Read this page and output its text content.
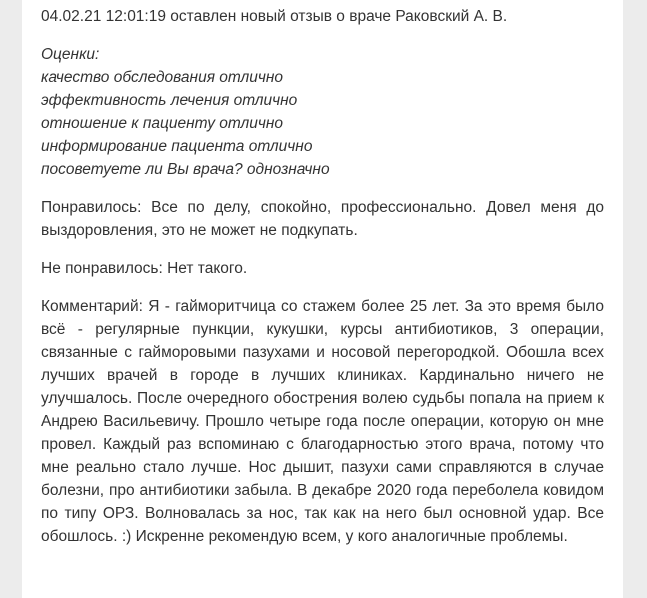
04.02.21 12:01:19 оставлен новый отзыв о враче Раковский А. В.
Оценки:
качество обследования отлично
эффективность лечения отлично
отношение к пациенту отлично
информирование пациента отлично
посоветуете ли Вы врача? однозначно

Понравилось: Все по делу, спокойно, профессионально. Довел меня до выздоровления, это не может не подкупать.

Не понравилось: Нет такого.

Комментарий: Я - гайморитчица со стажем более 25 лет. За это время было всё - регулярные пункции, кукушки, курсы антибиотиков, 3 операции, связанные с гайморовыми пазухами и носовой перегородкой. Обошла всех лучших врачей в городе в лучших клиниках. Кардинально ничего не улучшалось. После очередного обострения волею судьбы попала на прием к Андрею Васильевичу. Прошло четыре года после операции, которую он мне провел. Каждый раз вспоминаю с благодарностью этого врача, потому что мне реально стало лучше. Нос дышит, пазухи сами справляются в случае болезни, про антибиотики забыла. В декабре 2020 года переболела ковидом по типу ОРЗ. Волновалась за нос, так как на него был основной удар. Все обошлось. :) Искренне рекомендую всем, у кого аналогичные проблемы.
